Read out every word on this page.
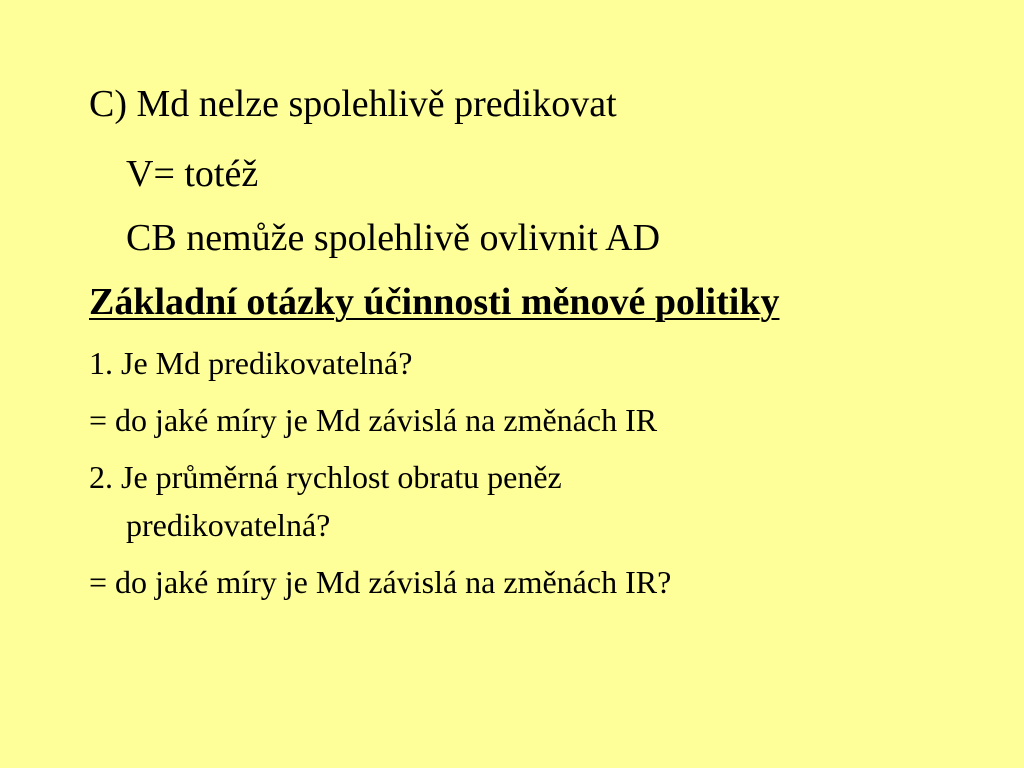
C) Md nelze spolehlivě predikovat
V= totéž
CB nemůže spolehlivě ovlivnit AD
Základní otázky účinnosti měnové politiky
1. Je Md predikovatelná?
= do jaké míry je Md závislá na změnách IR
2. Je průměrná rychlost obratu peněz
predikovatelná?
= do jaké míry je Md závislá na změnách IR?
